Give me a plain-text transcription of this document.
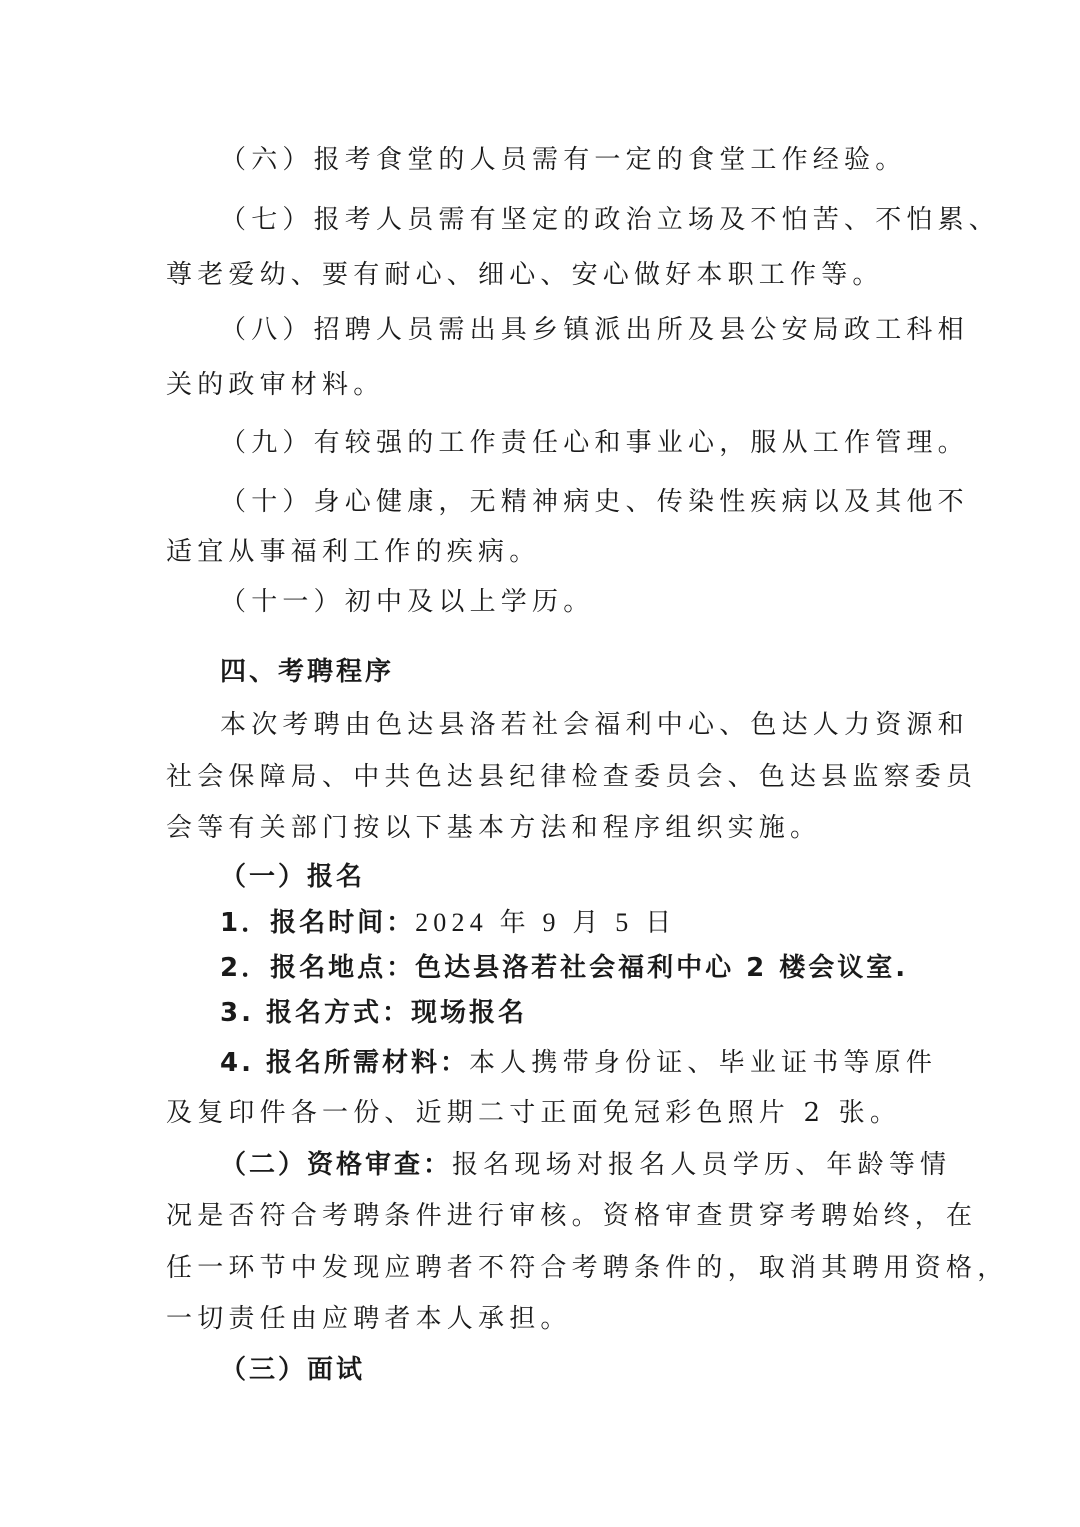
（六）报考食堂的人员需有一定的食堂工作经验。
（七）报考人员需有坚定的政治立场及不怕苦、不怕累、
尊老爱幼、要有耐心、细心、安心做好本职工作等。
（八）招聘人员需出具乡镇派出所及县公安局政工科相
关的政审材料。
（九）有较强的工作责任心和事业心，服从工作管理。
（十）身心健康，无精神病史、传染性疾病以及其他不
适宜从事福利工作的疾病。
（十一）初中及以上学历。
四、考聘程序
本次考聘由色达县洛若社会福利中心、色达人力资源和
社会保障局、中共色达县纪律检查委员会、色达县监察委员
会等有关部门按以下基本方法和程序组织实施。
（一）报名
1．报名时间：2024 年 9 月 5 日
2．报名地点：色达县洛若社会福利中心 2 楼会议室.
3. 报名方式：现场报名
4. 报名所需材料：本人携带身份证、毕业证书等原件
及复印件各一份、近期二寸正面免冠彩色照片 2 张。
（二）资格审查：报名现场对报名人员学历、年龄等情
况是否符合考聘条件进行审核。资格审查贯穿考聘始终，在
任一环节中发现应聘者不符合考聘条件的，取消其聘用资格，
一切责任由应聘者本人承担。
（三）面试
